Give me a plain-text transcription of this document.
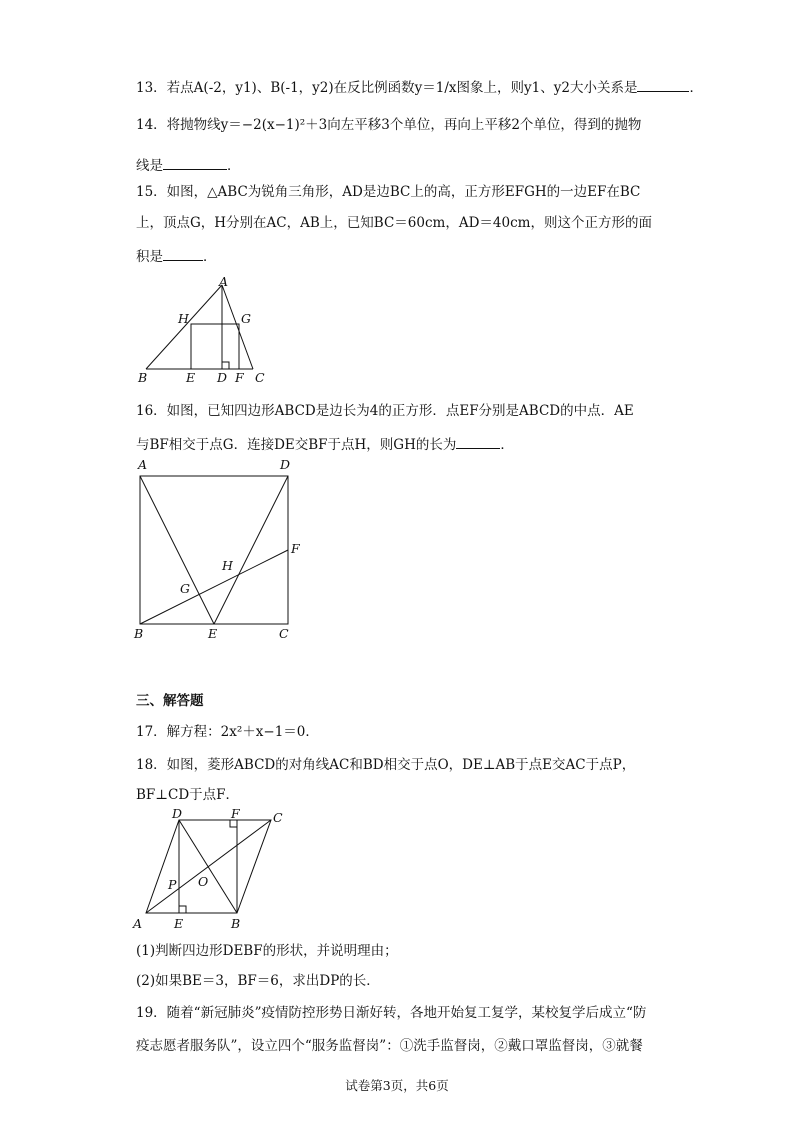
13．若点A(-2，y1)、B(-1，y2)在反比例函数y＝1/x图象上，则y1、y2大小关系是	．
14．将抛物线y＝−2(x−1)²＋3向左平移3个单位，再向上平移2个单位，得到的抛物
线是	．
15．如图，△ABC为锐角三角形，AD是边BC上的高，正方形EFGH的一边EF在BC
上，顶点G，H分别在AC，AB上，已知BC＝60cm，AD＝40cm，则这个正方形的面
积是	．
A
H	G
B	E D F C
16．如图，已知四边形ABCD是边长为4的正方形．点EF分别是ABCD的中点．AE
与BF相交于点G．连接DE交BF于点H，则GH的长为	．
A	D
F
H
G
B	E	C
三、解答题
17．解方程：2x²＋x−1＝0．
18．如图，菱形ABCD的对角线AC和BD相交于点O，DE⊥AB于点E交AC于点P，
BF⊥CD于点F．
D	F	C
P O
A	E	B
(1)判断四边形DEBF的形状，并说明理由；
(2)如果BE＝3，BF＝6，求出DP的长．
19．随着“新冠肺炎”疫情防控形势日渐好转，各地开始复工复学，某校复学后成立“防
疫志愿者服务队”，设立四个“服务监督岗”：①洗手监督岗，②戴口罩监督岗，③就餐
试卷第3页，共6页
